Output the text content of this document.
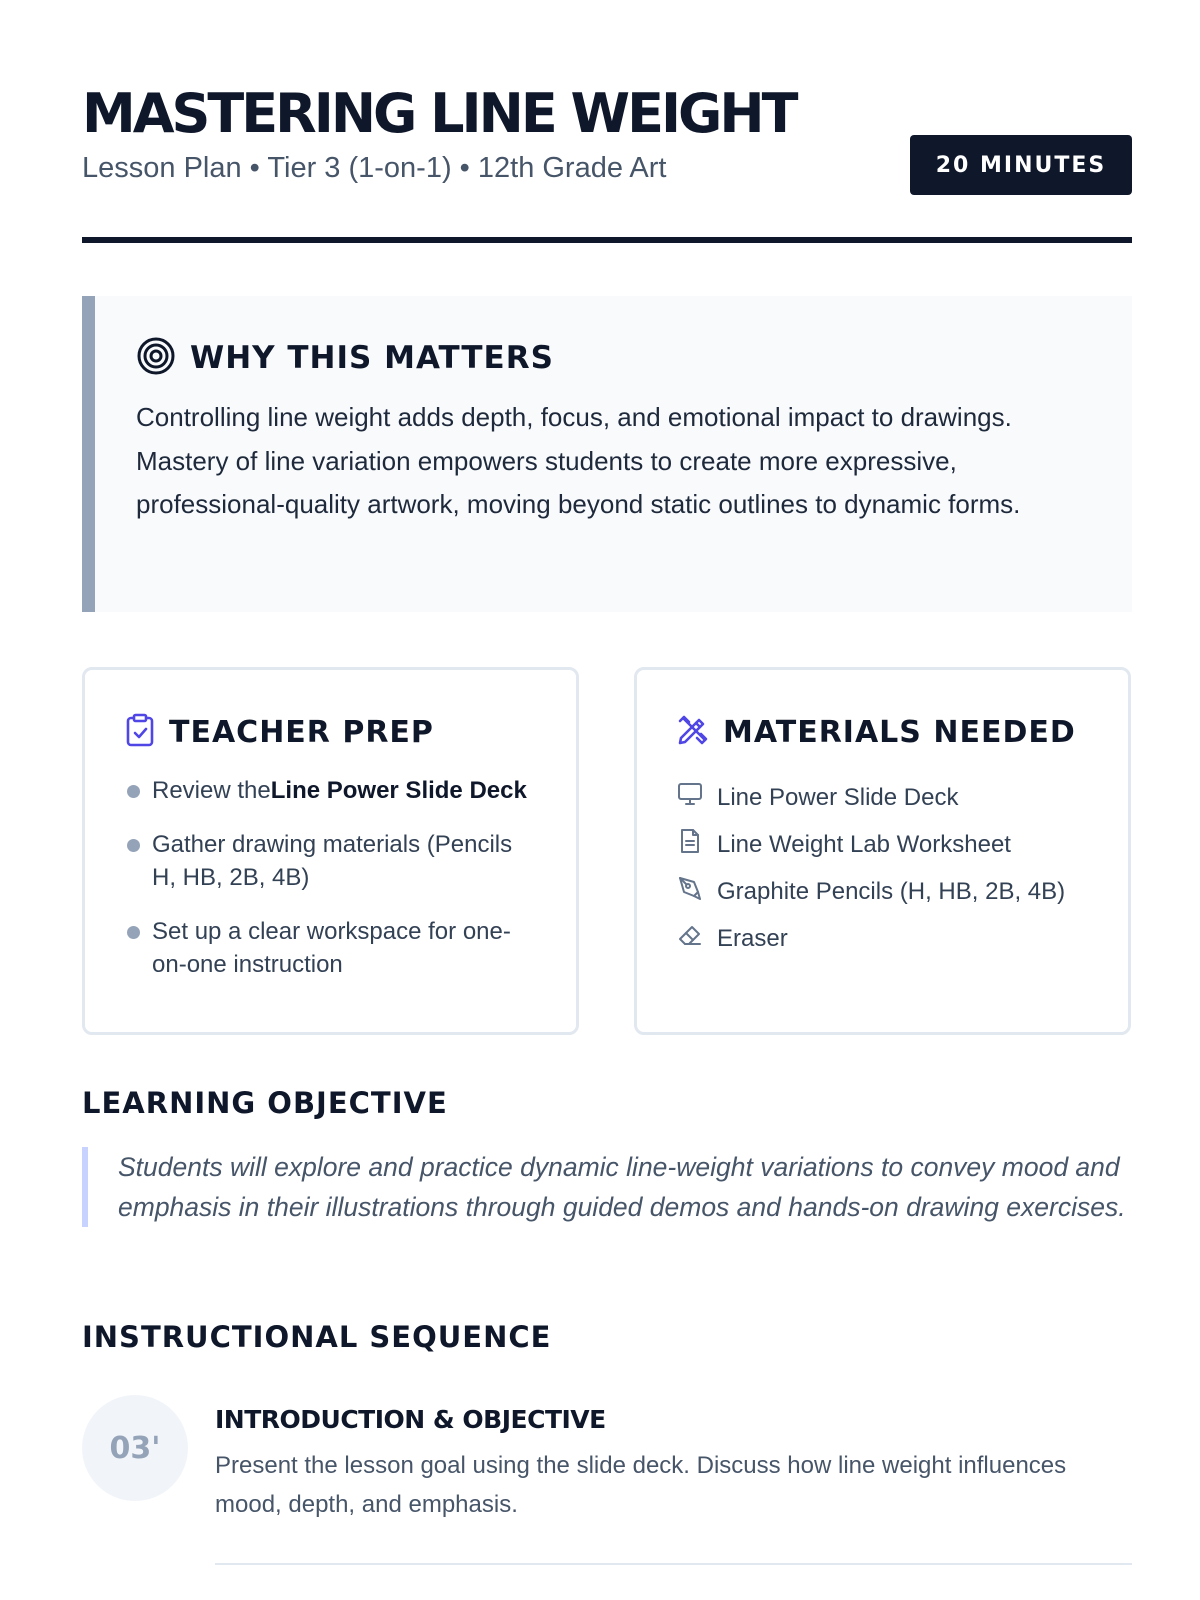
MASTERING LINE WEIGHT
Lesson Plan • Tier 3 (1-on-1) • 12th Grade Art	20 MINUTES
WHY THIS MATTERS

Controlling line weight adds depth, focus, and emotional impact to drawings. Mastery of line variation empowers students to create more expressive, professional-quality artwork, moving beyond static outlines to dynamic forms.

TEACHER PREP
Review theLine Power Slide Deck
Gather drawing materials (Pencils H, HB, 2B, 4B)
Set up a clear workspace for one-on-one instruction
MATERIALS NEEDED
Line Power Slide Deck
Line Weight Lab Worksheet
Graphite Pencils (H, HB, 2B, 4B)
Eraser
LEARNING OBJECTIVE

Students will explore and practice dynamic line-weight variations to convey mood and emphasis in their illustrations through guided demos and hands-on drawing exercises.

INSTRUCTIONAL SEQUENCE
03'
INTRODUCTION & OBJECTIVE

Present the lesson goal using the slide deck. Discuss how line weight influences mood, depth, and emphasis.
